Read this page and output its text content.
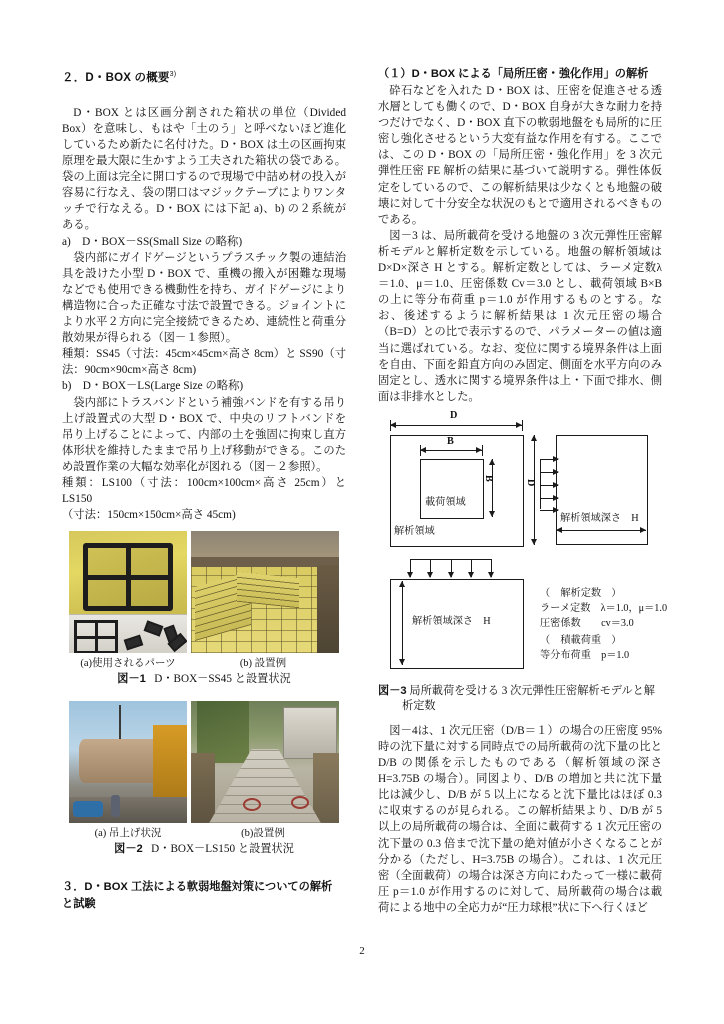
２．D・BOX の概要$^{3)}$

D・BOX とは区画分割された箱状の単位（Divided Box）を意味し、もはや「土のう」と呼べないほど進化しているため新たに名付けた。D・BOX は土の区画拘束原理を最大限に生かすよう工夫された箱状の袋である。袋の上面は完全に開口するので現場で中詰め材の投入が容易に行なえ、袋の閉口はマジックテープによりワンタッチで行なえる。D・BOX には下記 a)、b) の２系統がある。

a)　D・BOX－SS(Small Size の略称)

袋内部にガイドゲージというプラスチック製の連結治具を設けた小型 D・BOX で、重機の搬入が困難な現場などでも使用できる機動性を持ち、ガイドゲージにより構造物に合った正確な寸法で設置できる。ジョイントにより水平２方向に完全接続できるため、連続性と荷重分散効果が得られる（図－１参照）。

種類：SS45（寸法：45cm×45cm×高さ 8cm）と SS90（寸法：90cm×90cm×高さ 8cm)

b)　D・BOX－LS(Large Size の略称)

袋内部にトラスバンドという補強バンドを有する吊り上げ設置式の大型 D・BOX で、中央のリフトバンドを吊り上げることによって、内部の土を強固に拘束し直方体形状を維持したままで吊り上げ移動ができる。このため設置作業の大幅な効率化が図れる（図－２参照）。

種類：LS100（寸法：100cm×100cm×高さ 25cm）と LS150

（寸法：150cm×150cm×高さ 45cm)

(a)使用されるパーツ	(b) 設置例
図－1 D・BOX－SS45 と設置状況
(a) 吊上げ状況	(b)設置例
図－2 D・BOX－LS150 と設置状況
３．D・BOX 工法による軟弱地盤対策についての解析
と試験
（１）D・BOX による「局所圧密・強化作用」の解析

砕石などを入れた D・BOX は、圧密を促進させる透水層としても働くので、D・BOX 自身が大きな耐力を持つだけでなく、D・BOX 直下の軟弱地盤をも局所的に圧密し強化させるという大変有益な作用を有する。ここでは、この D・BOX の「局所圧密・強化作用」を 3 次元弾性圧密 FE 解析の結果に基づいて説明する。弾性体仮定をしているので、この解析結果は少なくとも地盤の破壊に対して十分安全な状況のもとで適用されるべきものである。

図－3 は、局所載荷を受ける地盤の 3 次元弾性圧密解析モデルと解析定数を示している。地盤の解析領域は D×D×深さ H とする。解析定数としては、ラーメ定数λ＝1.0、μ＝1.0、圧密係数 Cv＝3.0 とし、載荷領域 B×B の上に等分布荷重 p＝1.0 が作用するものとする。なお、後述するように解析結果は 1 次元圧密の場合（B=D）との比で表示するので、パラメーターの値は適当に選ばれている。なお、変位に関する境界条件は上面を自由、下面を鉛直方向のみ固定、側面を水平方向のみ固定とし、透水に関する境界条件は上・下面で排水、側面は非排水とした。

D
B
B
D
載荷領域
解析領域
解析領域深さ　H
解析領域深さ　H
（　解析定数　）
ラーメ定数　λ＝1.0，μ＝1.0
圧密係数　　cv＝3.0
（　積載荷重　）
等分布荷重　p＝1.0
図－3 局所載荷を受ける 3 次元弾性圧密解析モデルと解
析定数

図－4は、1 次元圧密（D/B＝１）の場合の圧密度 95%時の沈下量に対する同時点での局所載荷の沈下量の比と D/B の関係を示したものである（解析領域の深さ H=3.75B の場合）。同図より、D/B の増加と共に沈下量比は減少し、D/B が 5 以上になると沈下量比はほぼ 0.3 に収束するのが見られる。この解析結果より、D/B が 5 以上の局所載荷の場合は、全面に載荷する 1 次元圧密の沈下量の 0.3 倍まで沈下量の絶対値が小さくなることが分かる（ただし、H=3.75B の場合）。これは、1 次元圧密（全面載荷）の場合は深さ方向にわたって一様に載荷圧 p＝1.0 が作用するのに対して、局所載荷の場合は載荷による地中の全応力が“圧力球根”状に下へ行くほど

2
